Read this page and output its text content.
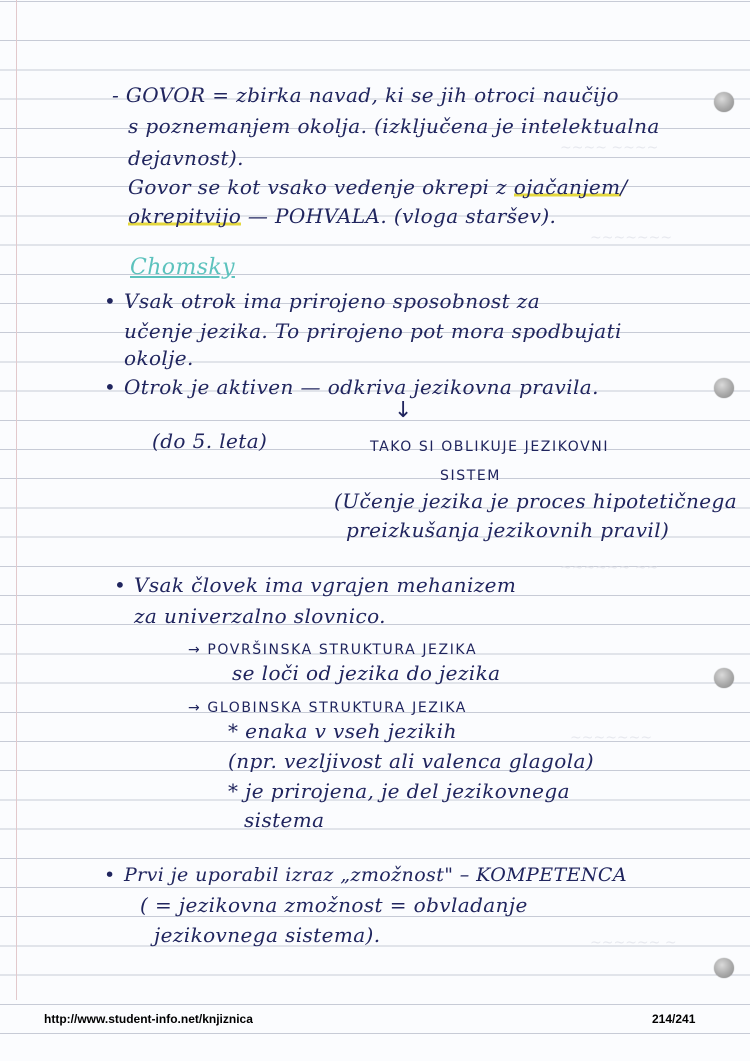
~~~~ ~~~~
~~~~~~~
~~~~~~ ~~
~~~~~~~
~~~~~~ ~
- GOVOR = zbirka navad, ki se jih otroci naučijo
s poznemanjem okolja. (izključena je intelektualna
dejavnost).
Govor se kot vsako vedenje okrepi z ojačanjem/
okrepitvijo — POHVALA. (vloga staršev).
Chomsky
• Vsak otrok ima prirojeno sposobnost za
učenje jezika. To prirojeno pot mora spodbujati
okolje.
• Otrok je aktiven — odkriva jezikovna pravila.
↓
(do 5. leta)	TAKO SI OBLIKUJE JEZIKOVNI
SISTEM
(Učenje jezika je proces hipotetičnega
preizkušanja jezikovnih pravil)
• Vsak človek ima vgrajen mehanizem
za univerzalno slovnico.
→ POVRŠINSKA STRUKTURA JEZIKA
se loči od jezika do jezika
→ GLOBINSKA STRUKTURA JEZIKA
* enaka v vseh jezikih
(npr. vezljivost ali valenca glagola)
* je prirojena, je del jezikovnega
sistema
• Prvi je uporabil izraz „zmožnost" – KOMPETENCA
( = jezikovna zmožnost = obvladanje
jezikovnega sistema).
http://www.student-info.net/knjiznica	214/241
